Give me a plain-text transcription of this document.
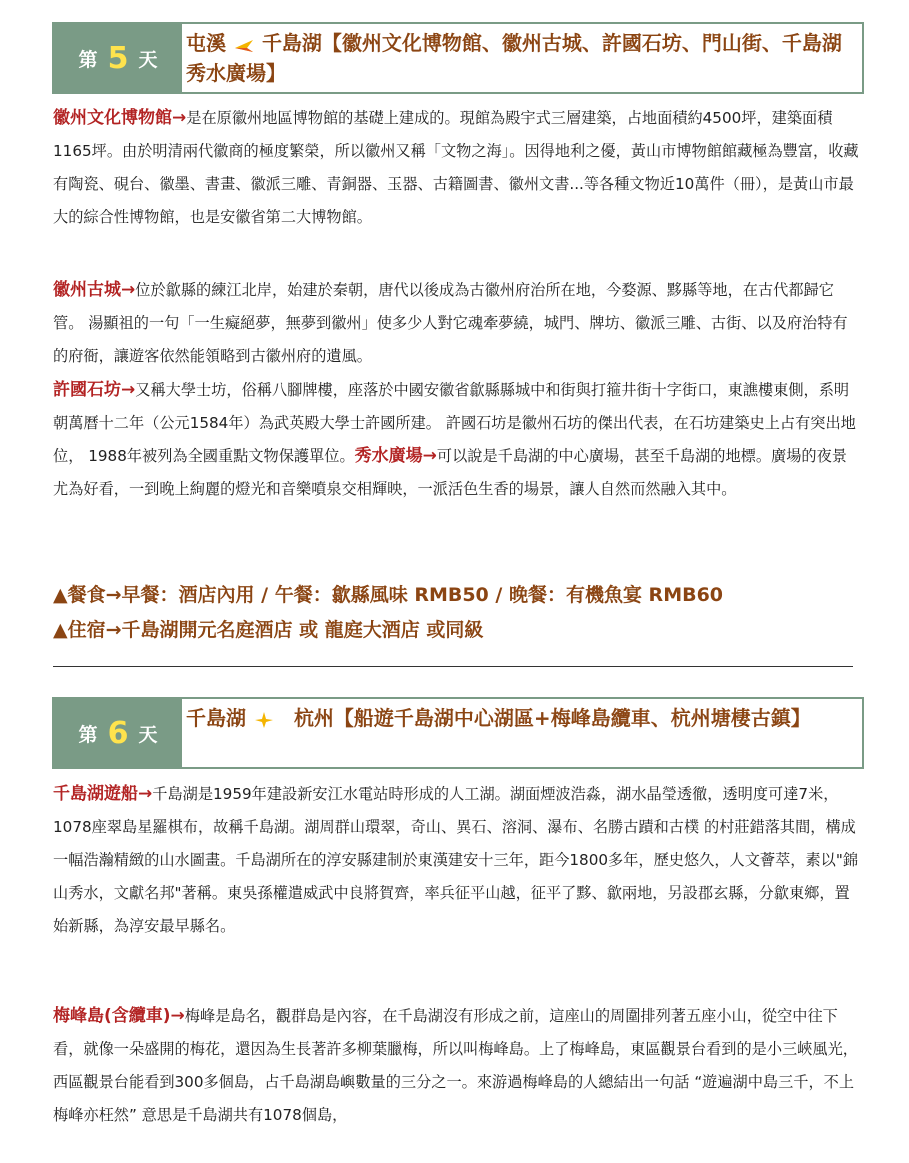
第 5 天
屯溪 千島湖【徽州文化博物館、徽州古城、許國石坊、門山街、千島湖秀水廣場】
徽州文化博物館→是在原徽州地區博物館的基礎上建成的。現館為殿宇式三層建築，占地面積約4500坪，建築面積1165坪。由於明清兩代徽商的極度繁榮，所以徽州又稱「文物之海」。因得地利之優，黃山市博物館館藏極為豐富，收藏有陶瓷、硯台、徽墨、書畫、徽派三雕、青銅器、玉器、古籍圖書、徽州文書...等各種文物近10萬件（冊），是黃山市最大的綜合性博物館，也是安徽省第二大博物館。
徽州古城→位於歙縣的練江北岸，始建於秦朝，唐代以後成為古徽州府治所在地，今婺源、黟縣等地，在古代都歸它管。 湯顯祖的一句「一生癡絕夢，無夢到徽州」使多少人對它魂牽夢繞，城門、牌坊、徽派三雕、古街、以及府治特有的府衙，讓遊客依然能領略到古徽州府的遺風。
許國石坊→又稱大學士坊，俗稱八腳牌樓，座落於中國安徽省歙縣縣城中和街與打箍井街十字街口，東譙樓東側，系明朝萬曆十二年（公元1584年）為武英殿大學士許國所建。 許國石坊是徽州石坊的傑出代表，在石坊建築史上占有突出地位， 1988年被列為全國重點文物保護單位。秀水廣場→可以說是千島湖的中心廣場，甚至千島湖的地標。廣場的夜景尤為好看，一到晚上絢麗的燈光和音樂噴泉交相輝映，一派活色生香的場景，讓人自然而然融入其中。
▲餐食→早餐：酒店內用 / 午餐：歙縣風味 RMB50 / 晚餐：有機魚宴 RMB60
▲住宿→千島湖開元名庭酒店 或 龍庭大酒店 或同級
第 6 天
千島湖 杭州【船遊千島湖中心湖區+梅峰島纜車、杭州塘棲古鎮】
千島湖遊船→千島湖是1959年建設新安江水電站時形成的人工湖。湖面煙波浩淼，湖水晶瑩透徹，透明度可達7米，1078座翠島星羅棋布，故稱千島湖。湖周群山環翠，奇山、異石、溶洞、瀑布、名勝古蹟和古樸 的村莊錯落其間，構成一幅浩瀚精緻的山水圖畫。千島湖所在的淳安縣建制於東漢建安十三年，距今1800多年，歷史悠久，人文薈萃，素以"錦山秀水，文獻名邦"著稱。東吳孫權遣威武中良將賀齊，率兵征平山越，征平了黟、歙兩地，另設郡玄縣，分歙東鄉，置始新縣，為淳安最早縣名。
梅峰島(含纜車)→梅峰是島名，觀群島是內容，在千島湖沒有形成之前，這座山的周圍排列著五座小山，從空中往下看，就像一朵盛開的梅花，還因為生長著許多柳葉臘梅，所以叫梅峰島。上了梅峰島，東區觀景台看到的是小三峽風光，西區觀景台能看到300多個島，占千島湖島嶼數量的三分之一。來游過梅峰島的人總結出一句話 “遊遍湖中島三千，不上梅峰亦枉然” 意思是千島湖共有1078個島，
